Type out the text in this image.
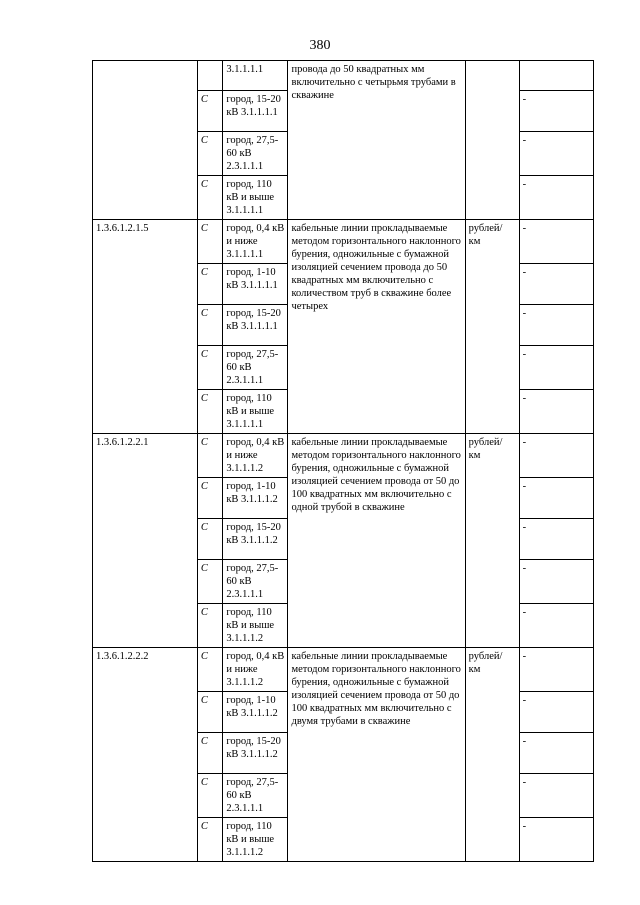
380
		3.1.1.1.1	провода до 50 квадратных мм включительно с четырьмя трубами в скважине		
	С	город, 15-20 кВ 3.1.1.1.1			-
	С	город, 27,5-60 кВ 2.3.1.1.1			-
	С	город, 110 кВ и выше 3.1.1.1.1			-
1.3.6.1.2.1.5	С	город, 0,4 кВ и ниже 3.1.1.1.1	кабельные линии прокладываемые методом горизонтального наклонного бурения, одножильные с бумажной изоляцией сечением провода до 50 квадратных мм включительно с количеством труб в скважине более четырех	рублей/ км	-
	С	город, 1-10 кВ 3.1.1.1.1			-
	С	город, 15-20 кВ 3.1.1.1.1			-
	С	город, 27,5-60 кВ 2.3.1.1.1			-
	С	город, 110 кВ и выше 3.1.1.1.1			-
1.3.6.1.2.2.1	С	город, 0,4 кВ и ниже 3.1.1.1.2	кабельные линии прокладываемые методом горизонтального наклонного бурения, одножильные с бумажной изоляцией сечением провода от 50 до 100 квадратных мм включительно с одной трубой в скважине	рублей/ км	-
	С	город, 1-10 кВ 3.1.1.1.2			-
	С	город, 15-20 кВ 3.1.1.1.2			-
	С	город, 27,5-60 кВ 2.3.1.1.1			-
	С	город, 110 кВ и выше 3.1.1.1.2			-
1.3.6.1.2.2.2	С	город, 0,4 кВ и ниже 3.1.1.1.2	кабельные линии прокладываемые методом горизонтального наклонного бурения, одножильные с бумажной изоляцией сечением провода от 50 до 100 квадратных мм включительно с двумя трубами в скважине	рублей/ км	-
	С	город, 1-10 кВ 3.1.1.1.2			-
	С	город, 15-20 кВ 3.1.1.1.2			-
	С	город, 27,5-60 кВ 2.3.1.1.1			-
	С	город, 110 кВ и выше 3.1.1.1.2			-
